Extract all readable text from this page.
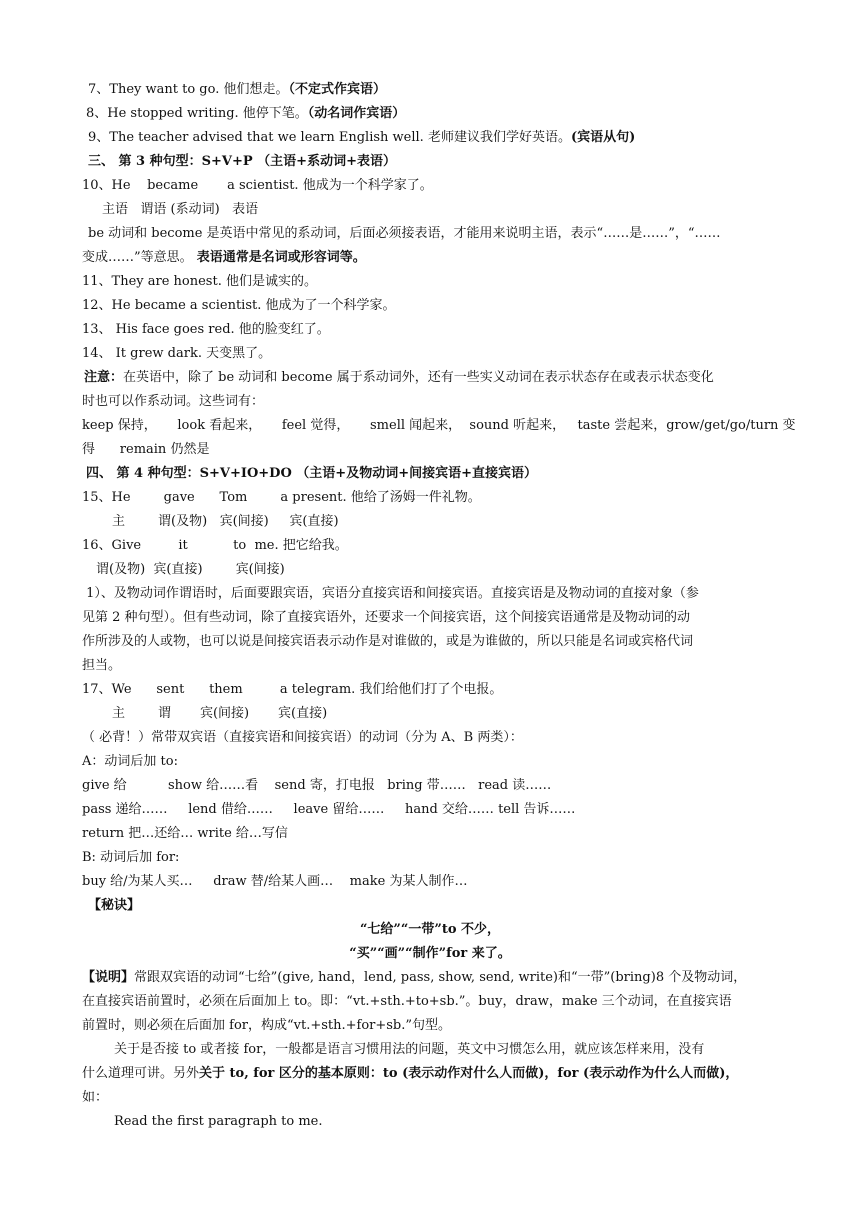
7、They want to go. 他们想走。（不定式作宾语）
8、He stopped writing. 他停下笔。（动名词作宾语）
9、The teacher advised that we learn English well. 老师建议我们学好英语。(宾语从句)
三、 第 3 种句型：S+V+P （主语+系动词+表语）
10、He    became       a scientist. 他成为一个科学家了。
主语   谓语 (系动词)   表语
be 动词和 become 是英语中常见的系动词，后面必须接表语，才能用来说明主语，表示“……是……”，“……
变成……”等意思。 表语通常是名词或形容词等。
11、They are honest. 他们是诚实的。
12、He became a scientist. 他成为了一个科学家。
13、 His face goes red. 他的脸变红了。
14、 It grew dark. 天变黑了。
注意：在英语中，除了 be 动词和 become 属于系动词外，还有一些实义动词在表示状态存在或表示状态变化
时也可以作系动词。这些词有：
keep 保持，     look 看起来，     feel 觉得，     smell 闻起来，  sound 听起来，   taste 尝起来，grow/get/go/turn 变
得      remain 仍然是
四、 第 4 种句型：S+V+IO+DO （主语+及物动词+间接宾语+直接宾语）
15、He        gave      Tom        a present. 他给了汤姆一件礼物。
主        谓(及物)   宾(间接)     宾(直接)
16、Give         it           to  me. 把它给我。
谓(及物)  宾(直接)        宾(间接)
1）、及物动词作谓语时，后面要跟宾语，宾语分直接宾语和间接宾语。直接宾语是及物动词的直接对象（参
见第 2 种句型）。但有些动词，除了直接宾语外，还要求一个间接宾语，这个间接宾语通常是及物动词的动
作所涉及的人或物，也可以说是间接宾语表示动作是对谁做的，或是为谁做的，所以只能是名词或宾格代词
担当。
17、We      sent      them         a telegram. 我们给他们打了个电报。
主        谓       宾(间接)       宾(直接)
（ 必背！）常带双宾语（直接宾语和间接宾语）的动词（分为 A、B 两类）：
A：动词后加 to:
give 给          show 给……看    send 寄，打电报   bring 带……   read 读……
pass 递给……     lend 借给……     leave 留给……     hand 交给…… tell 告诉……
return 把…还给… write 给…写信
B: 动词后加 for:
buy 给/为某人买…     draw 替/给某人画…    make 为某人制作…
【秘诀】
“七给”“一带”to 不少，
“买”“画”“制作”for 来了。
【说明】常跟双宾语的动词“七给”(give, hand，lend, pass, show, send, write)和“一带”(bring)8 个及物动词，
在直接宾语前置时，必须在后面加上 to。即：“vt.+sth.+to+sb.”。buy，draw，make 三个动词，在直接宾语
前置时，则必须在后面加 for，构成“vt.+sth.+for+sb.”句型。
关于是否接 to 或者接 for，一般都是语言习惯用法的问题，英文中习惯怎么用，就应该怎样来用，没有
什么道理可讲。另外关于 to, for 区分的基本原则：to (表示动作对什么人而做)，for (表示动作为什么人而做)，
如：
Read the first paragraph to me.
